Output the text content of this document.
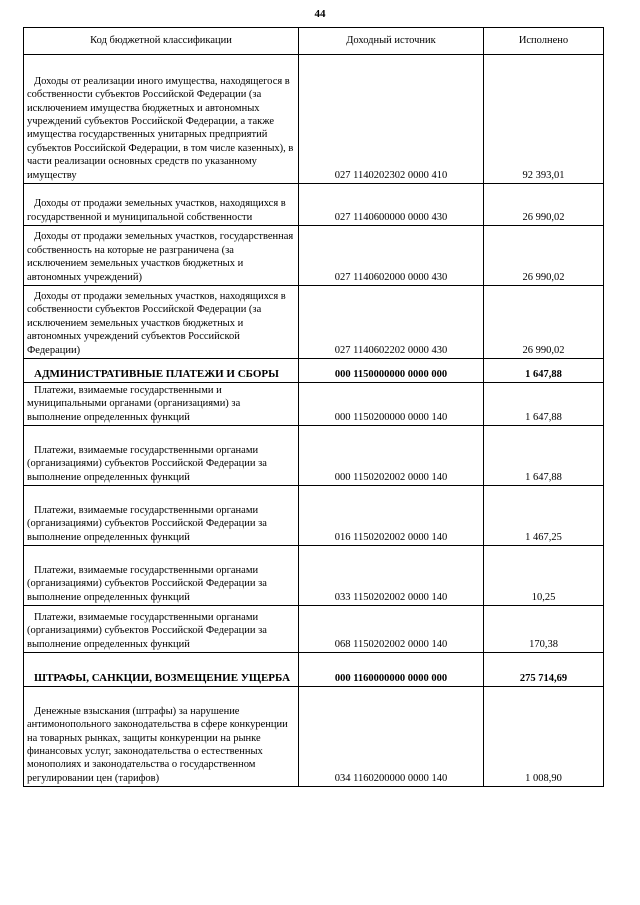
44
Код бюджетной классификации	Доходный источник	Исполнено

Доходы от реализации иного имущества, находящегося в собственности субъектов Российской Федерации (за исключением имущества бюджетных и автономных учреждений субъектов Российской Федерации, а также имущества государственных унитарных предприятий субъектов Российской Федерации, в том числе казенных), в части реализации основных средств по указанному имуществу	027 1140202302 0000 410	92 393,01

Доходы от продажи земельных участков, находящихся в государственной и муниципальной собственности	027 1140600000 0000 430	26 990,02

Доходы от продажи земельных участков, государственная собственность на которые не разграничена (за исключением земельных участков бюджетных и автономных учреждений)	027 1140602000 0000 430	26 990,02

Доходы от продажи земельных участков, находящихся в собственности субъектов Российской Федерации (за исключением земельных участков бюджетных и автономных учреждений субъектов Российской Федерации)	027 1140602202 0000 430	26 990,02

АДМИНИСТРАТИВНЫЕ ПЛАТЕЖИ И СБОРЫ	000 1150000000 0000 000	1 647,88

Платежи, взимаемые государственными и муниципальными органами (организациями) за выполнение определенных функций	000 1150200000 0000 140	1 647,88

Платежи, взимаемые государственными органами (организациями) субъектов Российской Федерации за выполнение определенных функций	000 1150202002 0000 140	1 647,88

Платежи, взимаемые государственными органами (организациями) субъектов Российской Федерации за выполнение определенных функций	016 1150202002 0000 140	1 467,25

Платежи, взимаемые государственными органами (организациями) субъектов Российской Федерации за выполнение определенных функций	033 1150202002 0000 140	10,25

Платежи, взимаемые государственными органами (организациями) субъектов Российской Федерации за выполнение определенных функций	068 1150202002 0000 140	170,38

ШТРАФЫ, САНКЦИИ, ВОЗМЕЩЕНИЕ УЩЕРБА	000 1160000000 0000 000	275 714,69

Денежные взыскания (штрафы) за нарушение антимонопольного законодательства в сфере конкуренции на товарных рынках, защиты конкуренции на рынке финансовых услуг, законодательства о естественных монополиях и законодательства о государственном регулировании цен (тарифов)	034 1160200000 0000 140	1 008,90
